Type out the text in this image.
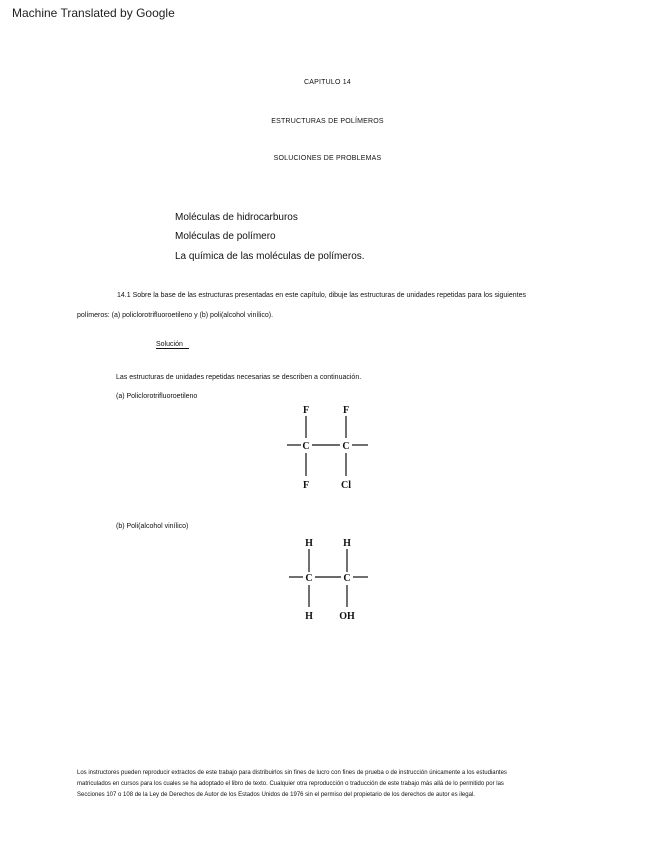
Machine Translated by Google
CAPITULO 14
ESTRUCTURAS DE POLÍMEROS
SOLUCIONES DE PROBLEMAS
Moléculas de hidrocarburos
Moléculas de polímero
La química de las moléculas de polímeros.
14.1 Sobre la base de las estructuras presentadas en este capítulo, dibuje las estructuras de unidades repetidas para los siguientes
polímeros: (a) policlorotrifluoroetileno y (b) poli(alcohol vinílico).
Solución
Las estructuras de unidades repetidas necesarias se describen a continuación.
(a) Policlorotrifluoroetileno
F	F
C	C
F	Cl
(b) Poli(alcohol vinílico)
H	H
C	C
H	OH
Los instructores pueden reproducir extractos de este trabajo para distribuirlos sin fines de lucro con fines de prueba o de instrucción únicamente a los estudiantes
matriculados en cursos para los cuales se ha adoptado el libro de texto. Cualquier otra reproducción o traducción de este trabajo más allá de lo permitido por las
Secciones 107 o 108 de la Ley de Derechos de Autor de los Estados Unidos de 1976 sin el permiso del propietario de los derechos de autor es ilegal.
